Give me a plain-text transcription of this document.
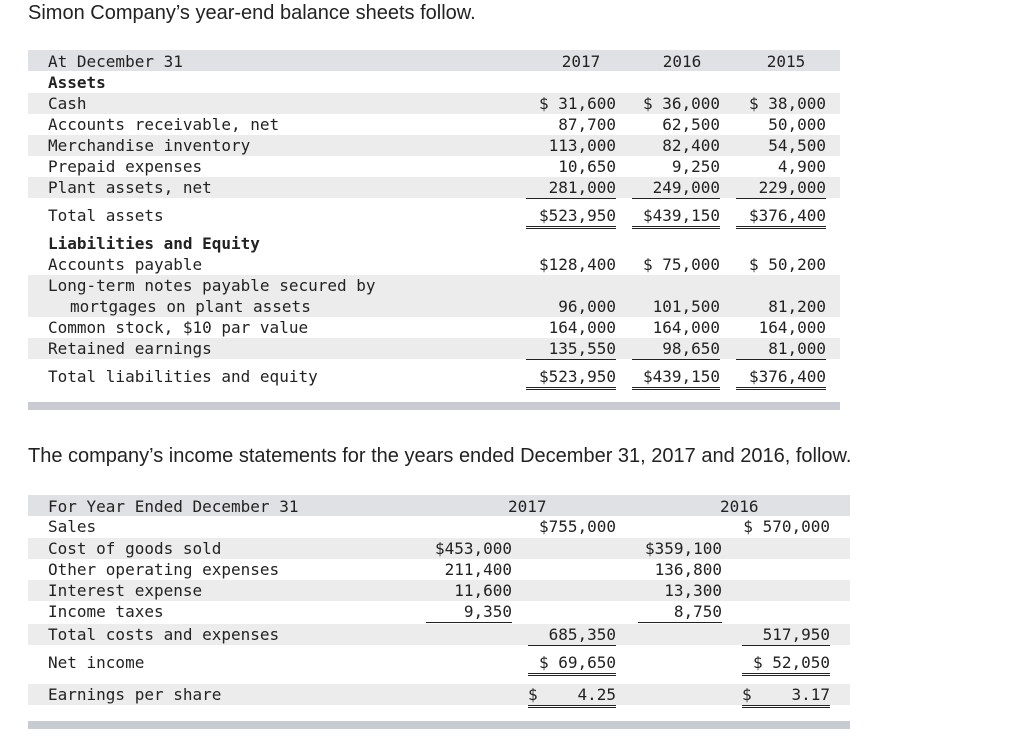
Simon Company’s year-end balance sheets follow.
At December 31	2017	2016	2015
Assets
Cash	$ 31,600	$ 36,000	$ 38,000
Accounts receivable, net	87,700	62,500	50,000
Merchandise inventory	113,000	82,400	54,500
Prepaid expenses	10,650	9,250	4,900
Plant assets, net	281,000	249,000	229,000
Total assets	$523,950	$439,150	$376,400
Liabilities and Equity
Accounts payable	$128,400	$ 75,000	$ 50,200
Long-term notes payable secured by
mortgages on plant assets	96,000	101,500	81,200
Common stock, $10 par value	164,000	164,000	164,000
Retained earnings	135,550	98,650	81,000
Total liabilities and equity	$523,950	$439,150	$376,400
The company’s income statements for the years ended December 31, 2017 and 2016, follow.
For Year Ended December 31	2017	2016
Sales	$755,000	$ 570,000
Cost of goods sold	$453,000	$359,100
Other operating expenses	211,400	136,800
Interest expense	11,600	13,300
Income taxes	9,350	8,750
Total costs and expenses	685,350	517,950
Net income	$ 69,650	$ 52,050
Earnings per share	$	4.25	$	3.17
